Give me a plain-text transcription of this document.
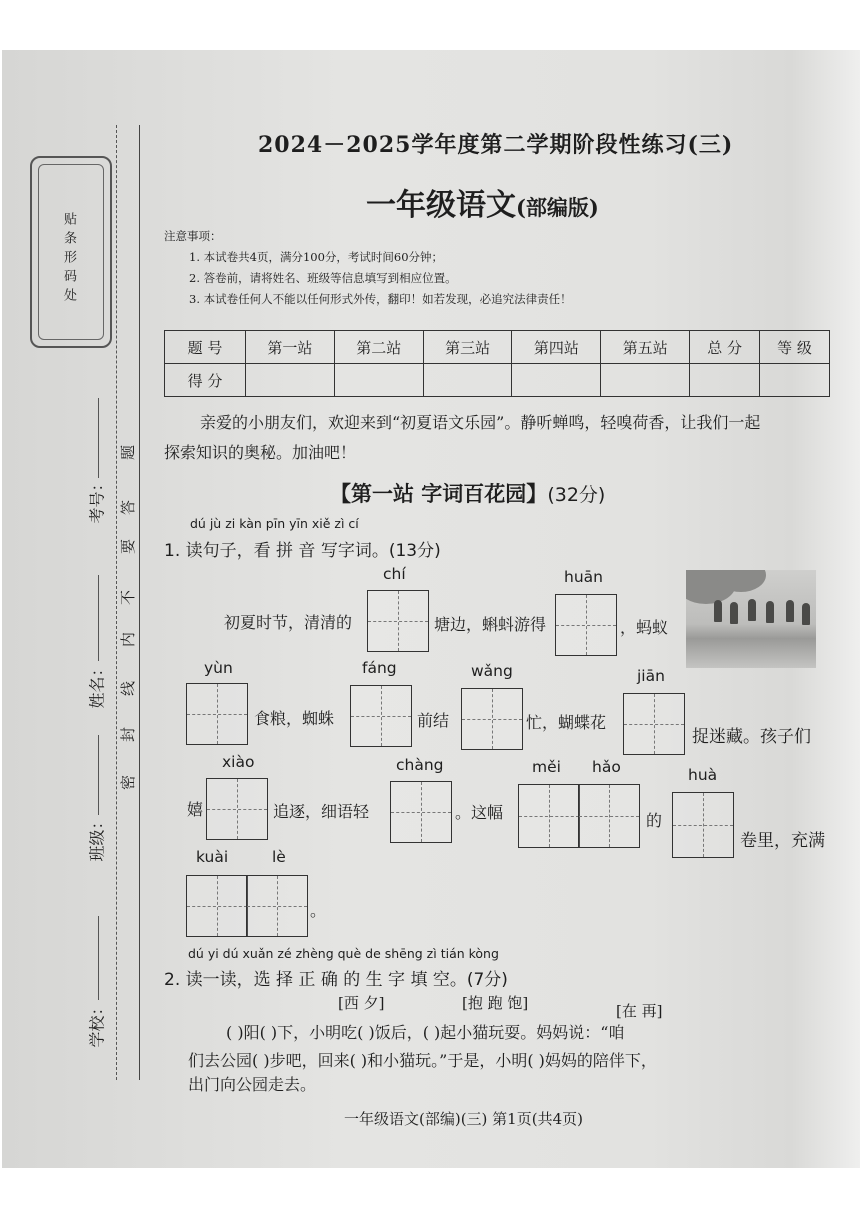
贴条形码处
考号：
姓名：
班级：
学校：
题
答
要
不
内
线
封
密
2024－2025学年度第二学期阶段性练习(三)
一年级语文(部编版)
注意事项：
1. 本试卷共4页，满分100分，考试时间60分钟；
2. 答卷前，请将姓名、班级等信息填写到相应位置。
3. 本试卷任何人不能以任何形式外传，翻印！如若发现，必追究法律责任！
题 号	第一站	第二站	第三站	第四站	第五站	总 分	等 级
得 分							
亲爱的小朋友们，欢迎来到“初夏语文乐园”。静听蝉鸣，轻嗅荷香，让我们一起
探索知识的奥秘。加油吧！
【第一站 字词百花园】(32分)
dú jù zi kàn pīn yīn xiě zì cí
1. 读句子，看 拼 音 写字词。(13分)
初夏时节，清清的
chí
塘边，蝌蚪游得
huān
，蚂蚁
yùn
食粮，蜘蛛
fáng
前结
wǎng
忙，蝴蝶花
jiān
捉迷藏。孩子们
嬉
xiào
追逐，细语轻
chàng
。这幅
měi hǎo
的
huà
卷里，充满
kuài	lè
。
dú yi dú xuǎn zé zhèng què de shēng zì tián kòng
2. 读一读，选 择 正 确 的 生 字 填 空。(7分)
[西 夕]	[抱 跑 饱]	[在 再]
( )阳( )下，小明吃( )饭后，( )起小猫玩耍。妈妈说：“咱
们去公园( )步吧，回来( )和小猫玩。”于是，小明( )妈妈的陪伴下，
出门向公园走去。
一年级语文(部编)(三) 第1页(共4页)
